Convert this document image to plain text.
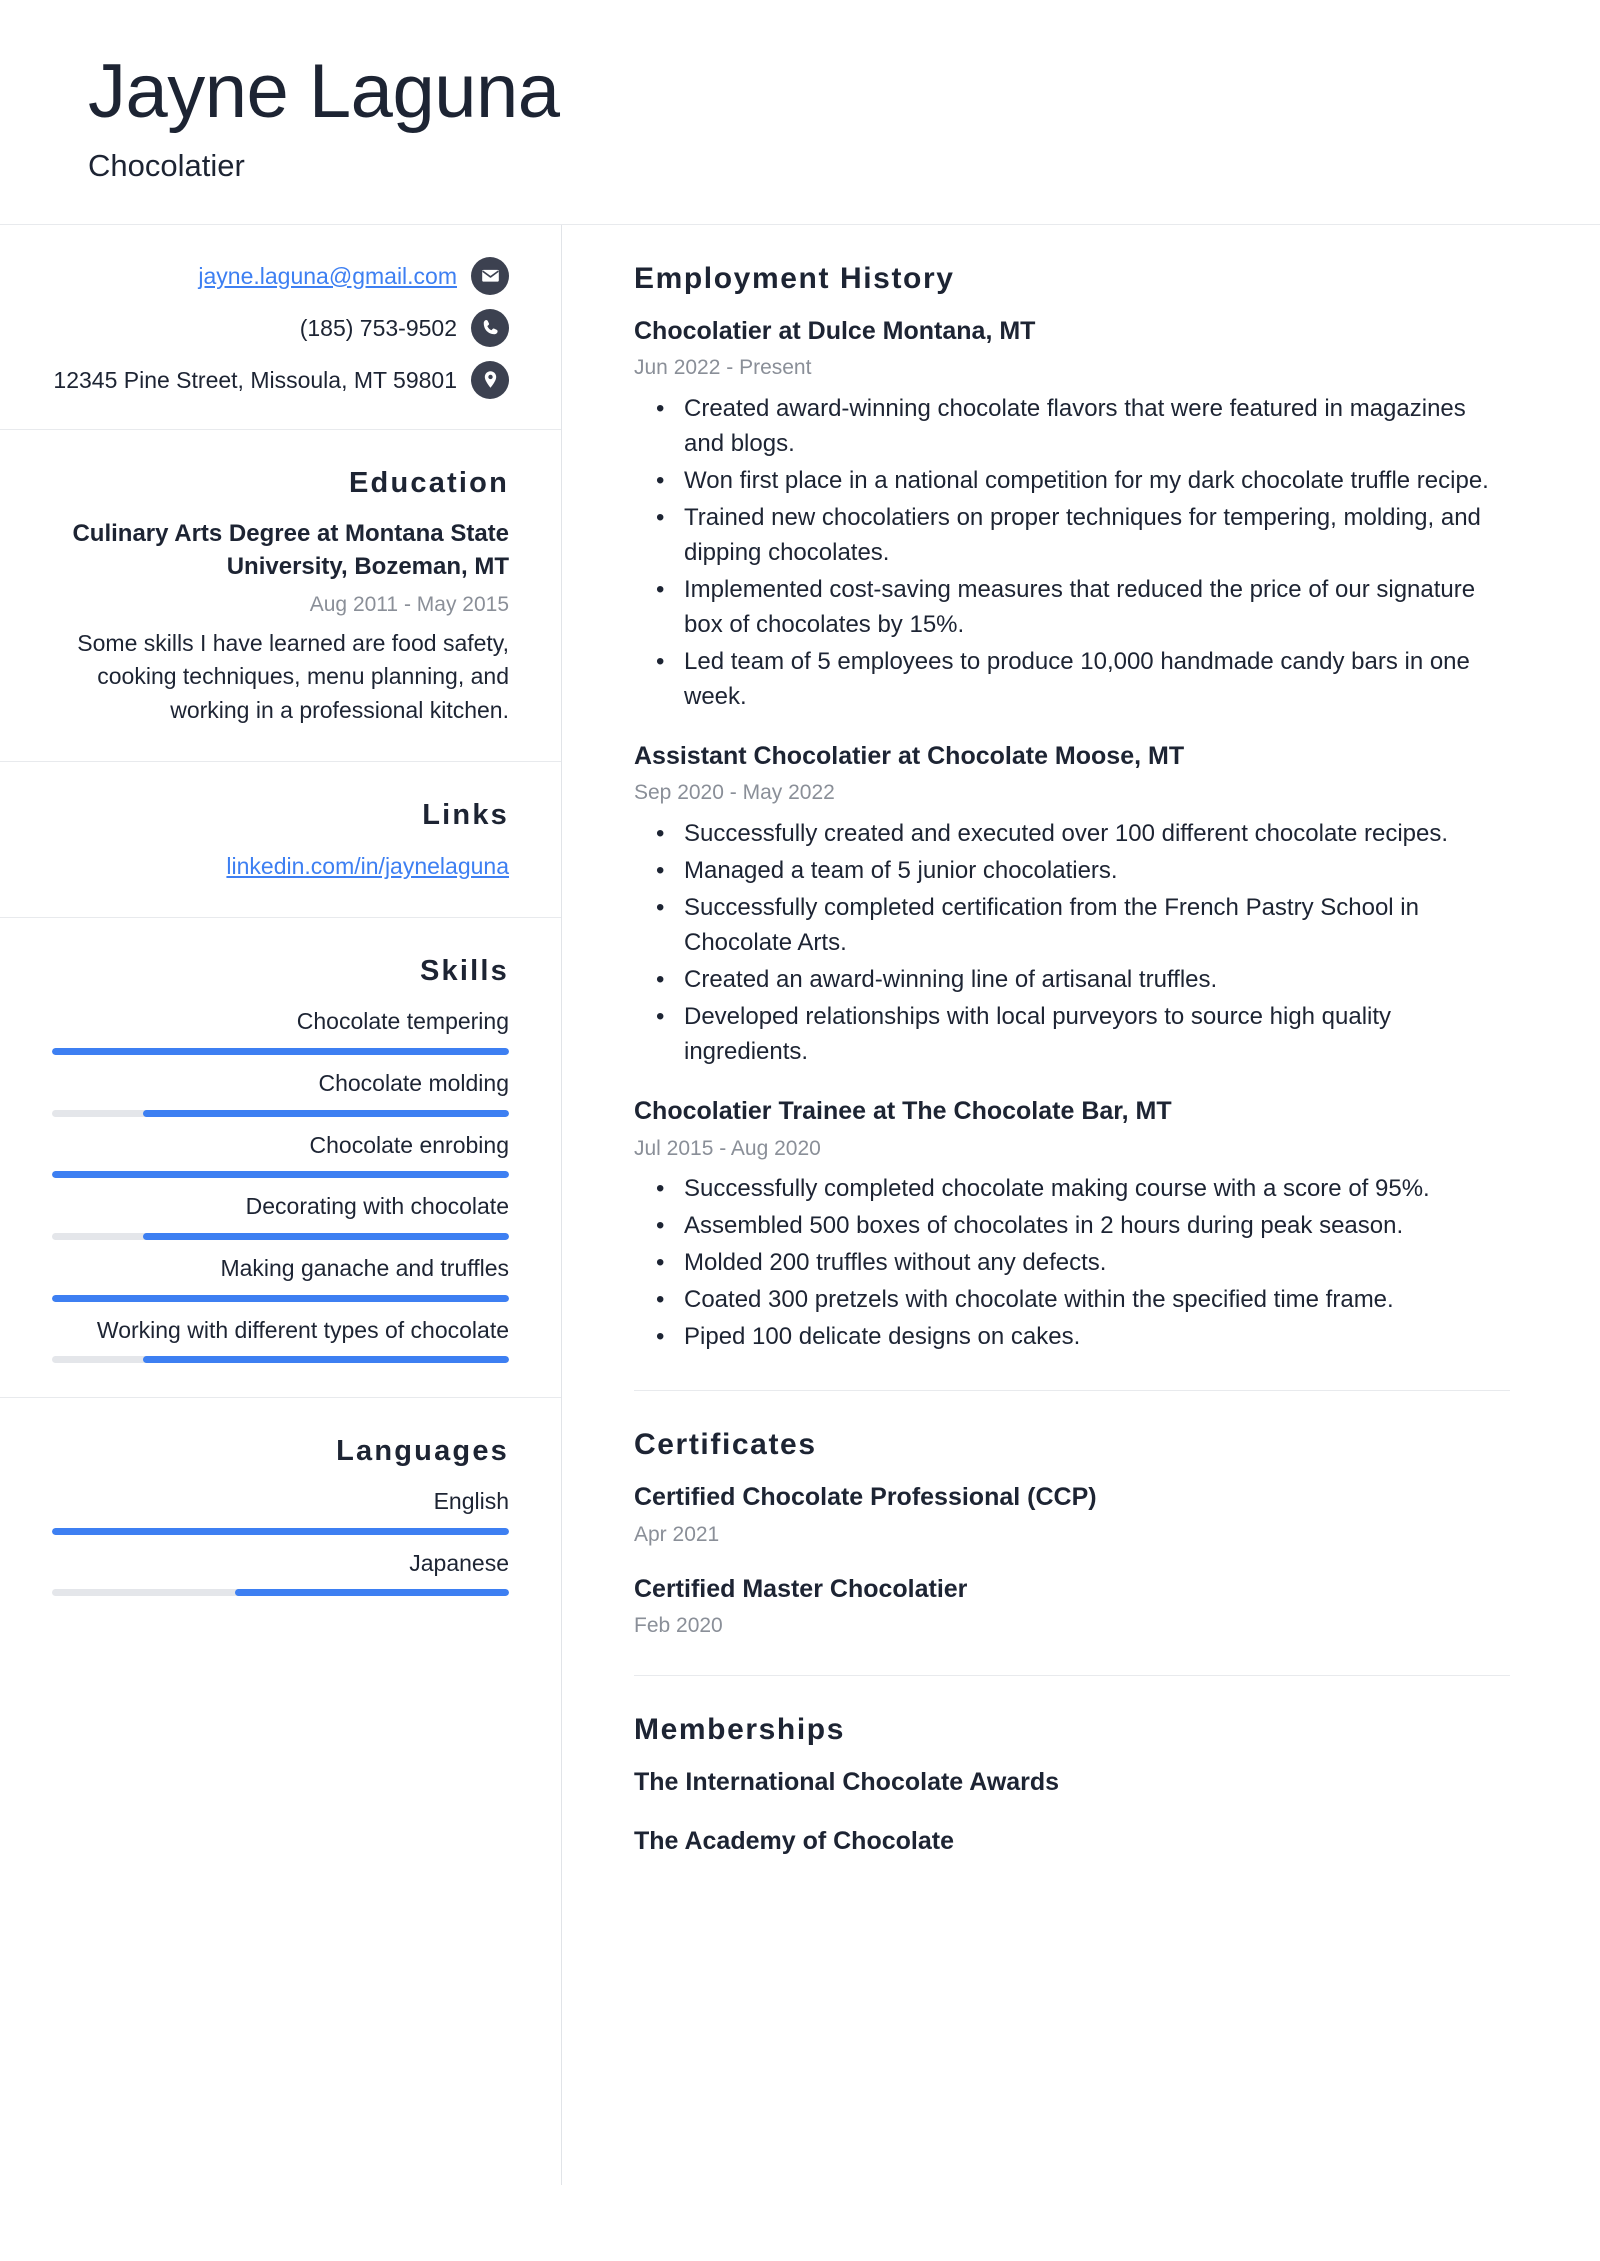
Jayne Laguna
Chocolatier
jayne.laguna@gmail.com
(185) 753-9502
12345 Pine Street, Missoula, MT 59801
Education
Culinary Arts Degree at Montana State University, Bozeman, MT
Aug 2011 - May 2015
Some skills I have learned are food safety, cooking techniques, menu planning, and working in a professional kitchen.
Links
linkedin.com/in/jaynelaguna
Skills
Chocolate tempering
Chocolate molding
Chocolate enrobing
Decorating with chocolate
Making ganache and truffles
Working with different types of chocolate
Languages
English
Japanese
Employment History
Chocolatier at Dulce Montana, MT
Jun 2022 - Present
• Created award-winning chocolate flavors that were featured in magazines and blogs.
• Won first place in a national competition for my dark chocolate truffle recipe.
• Trained new chocolatiers on proper techniques for tempering, molding, and dipping chocolates.
• Implemented cost-saving measures that reduced the price of our signature box of chocolates by 15%.
• Led team of 5 employees to produce 10,000 handmade candy bars in one week.
Assistant Chocolatier at Chocolate Moose, MT
Sep 2020 - May 2022
• Successfully created and executed over 100 different chocolate recipes.
• Managed a team of 5 junior chocolatiers.
• Successfully completed certification from the French Pastry School in Chocolate Arts.
• Created an award-winning line of artisanal truffles.
• Developed relationships with local purveyors to source high quality ingredients.
Chocolatier Trainee at The Chocolate Bar, MT
Jul 2015 - Aug 2020
• Successfully completed chocolate making course with a score of 95%.
• Assembled 500 boxes of chocolates in 2 hours during peak season.
• Molded 200 truffles without any defects.
• Coated 300 pretzels with chocolate within the specified time frame.
• Piped 100 delicate designs on cakes.
Certificates
Certified Chocolate Professional (CCP)
Apr 2021
Certified Master Chocolatier
Feb 2020
Memberships
The International Chocolate Awards
The Academy of Chocolate
